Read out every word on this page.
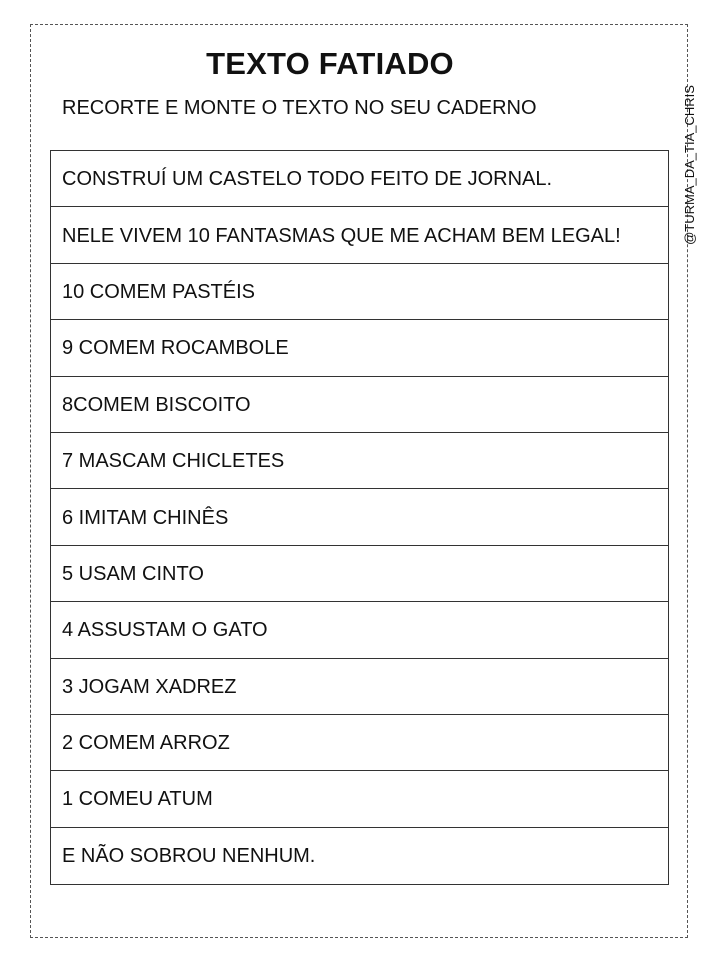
TEXTO FATIADO
RECORTE E MONTE O TEXTO NO SEU CADERNO	@TURMA_DA_TIA_CHRIS
CONSTRUÍ UM CASTELO TODO FEITO DE JORNAL.
NELE VIVEM 10 FANTASMAS QUE ME ACHAM BEM LEGAL!
10 COMEM PASTÉIS
9 COMEM ROCAMBOLE
8COMEM BISCOITO
7 MASCAM CHICLETES
6 IMITAM CHINÊS
5 USAM CINTO
4 ASSUSTAM O GATO
3 JOGAM XADREZ
2 COMEM ARROZ
1 COMEU ATUM
E NÃO SOBROU NENHUM.
